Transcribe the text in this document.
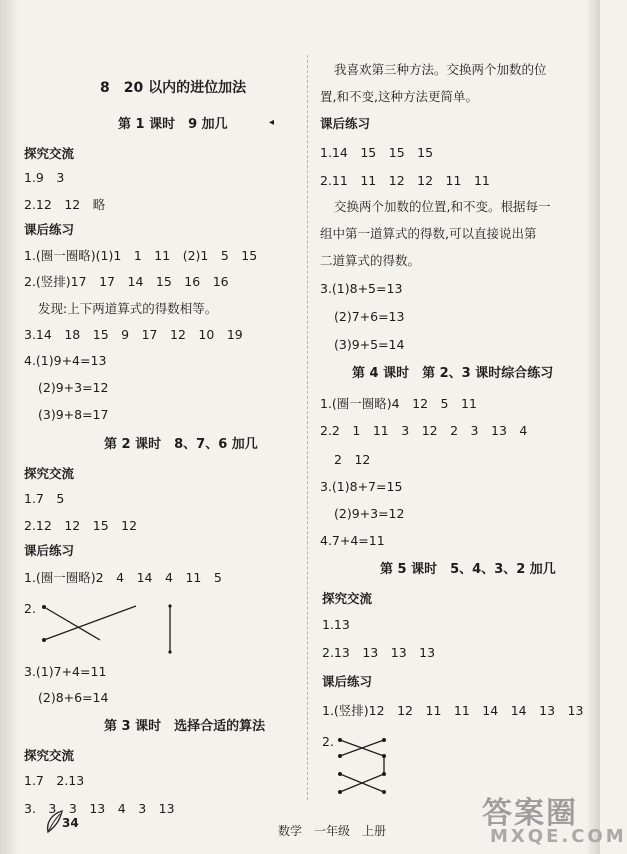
8　20 以内的进位加法
第 1 课时　9 加几	◂
探究交流
1.9　3
2.12　12　略
课后练习
1.(圈一圈略)(1)1　1　11　(2)1　5　15
2.(竖排)17　17　14　15　16　16
发现:上下两道算式的得数相等。
3.14　18　15　9　17　12　10　19
4.(1)9+4=13
(2)9+3=12
(3)9+8=17
第 2 课时　8、7、6 加几
探究交流
1.7　5
2.12　12　15　12
课后练习
1.(圈一圈略)2　4　14　4　11　5
2.
3.(1)7+4=11
(2)8+6=14
第 3 课时　选择合适的算法
探究交流
1.7　2.13
3.　3　3　13　4　3　13
我喜欢第三种方法。交换两个加数的位
置,和不变,这种方法更简单。
课后练习
1.14　15　15　15
2.11　11　12　12　11　11
交换两个加数的位置,和不变。根据每一
组中第一道算式的得数,可以直接说出第
二道算式的得数。
3.(1)8+5=13
(2)7+6=13
(3)9+5=14
第 4 课时　第 2、3 课时综合练习
1.(圈一圈略)4　12　5　11
2.2　1　11　3　12　2　3　13　4
2　12
3.(1)8+7=15
(2)9+3=12
4.7+4=11
第 5 课时　5、4、3、2 加几
探究交流
1.13
2.13　13　13　13
课后练习
1.(竖排)12　12　11　11　14　14　13　13
2.
34
数学　一年级　上册	答案圈
MXQE.COM
